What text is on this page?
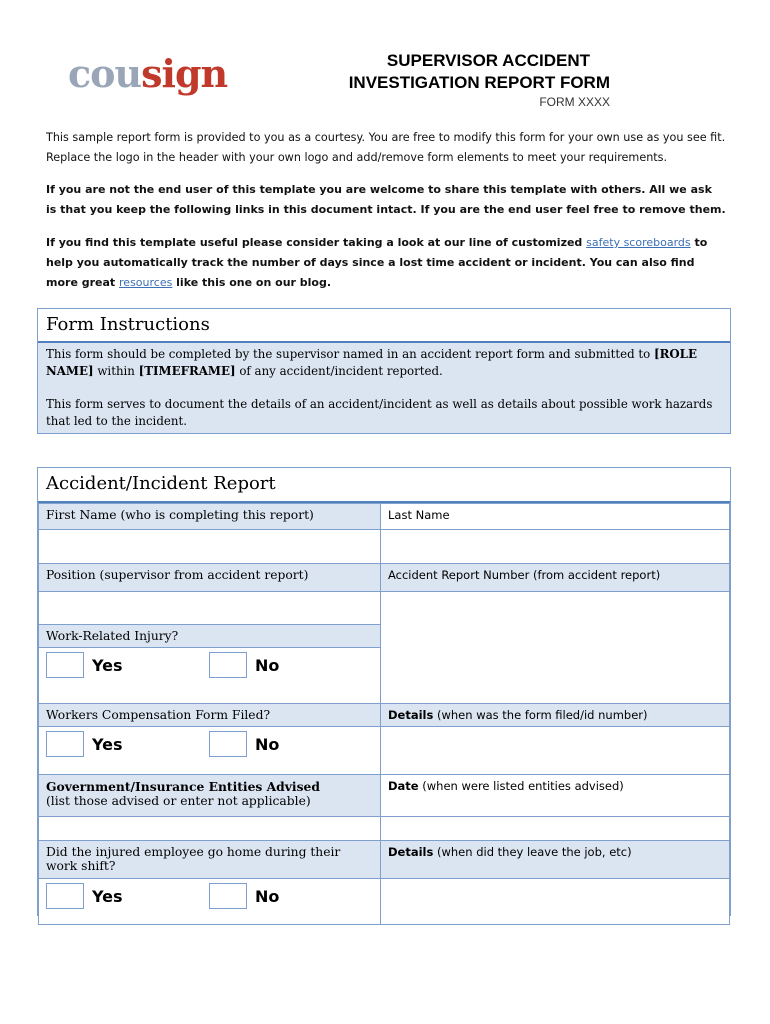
cousign	SUPERVISOR ACCIDENT
INVESTIGATION REPORT FORM
FORM XXXX
This sample report form is provided to you as a courtesy. You are free to modify this form for your own use as you see fit. Replace the logo in the header with your own logo and add/remove form elements to meet your requirements.
If you are not the end user of this template you are welcome to share this template with others. All we ask is that you keep the following links in this document intact. If you are the end user feel free to remove them.
If you find this template useful please consider taking a look at our line of customized safety scoreboards to help you automatically track the number of days since a lost time accident or incident. You can also find more great resources like this one on our blog.
Form Instructions

This form should be completed by the supervisor named in an accident report form and submitted to [ROLE NAME] within [TIMEFRAME] of any accident/incident reported.

This form serves to document the details of an accident/incident as well as details about possible work hazards that led to the incident.

Accident/Incident Report
First Name (who is completing this report)	Last Name

Position (supervisor from accident report)	Accident Report Number (from accident report)

Work-Related Injury?	

Yes No	

Workers Compensation Form Filed?	Details (when was the form filed/id number)

Yes No	

Government/Insurance Entities Advised
(list those advised or enter not applicable)	Date (when were listed entities advised)

Did the injured employee go home during their work shift?	Details (when did they leave the job, etc)

Yes No	
